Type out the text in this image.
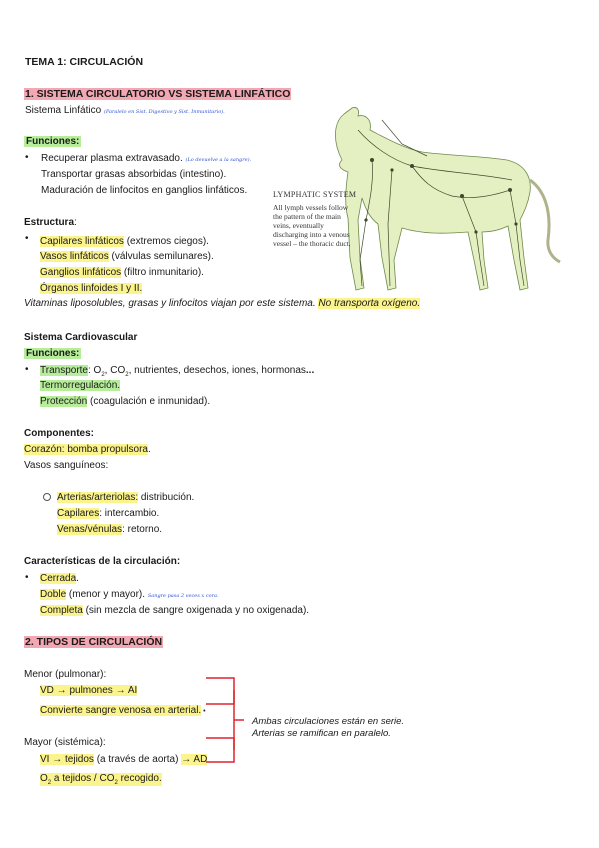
TEMA 1: CIRCULACIÓN
1. SISTEMA CIRCULATORIO VS SISTEMA LINFÁTICO
Sistema Linfático (Paralelo en Sist. Digestivo y Sist. Inmunitario).
Funciones:
• Recuperar plasma extravasado. (Lo devuelve a la sangre).
Transportar grasas absorbidas (intestino).
Maduración de linfocitos en ganglios linfáticos.
Estructura:
• Capilares linfáticos (extremos ciegos).
Vasos linfáticos (válvulas semilunares).
Ganglios linfáticos (filtro inmunitario).
Órganos linfoides I y II.
Vitaminas liposolubles, grasas y linfocitos viajan por este sistema. No transporta oxígeno.
LYMPHATIC SYSTEM
All lymph vessels follow the pattern of the main veins, eventually discharging into a venous vessel – the thoracic duct.
Sistema Cardiovascular
Funciones:
• Transporte: $O_2$, $CO_2$, nutrientes, desechos, iones, hormonas...
Termorregulación.
Protección (coagulación e inmunidad).
Componentes:
Corazón: bomba propulsora.
Vasos sanguíneos:
Arterias/arteriolas: distribución.
Capilares: intercambio.
Venas/vénulas: retorno.
Características de la circulación:
• Cerrada.
Doble (menor y mayor). Sangre pasa 2 veces x cora.
Completa (sin mezcla de sangre oxigenada y no oxigenada).
2. TIPOS DE CIRCULACIÓN
Menor (pulmonar):
VD → pulmones → AI
Convierte sangre venosa en arterial. •
Mayor (sistémica):
VI → tejidos (a través de aorta) → AD
$O_2$ a tejidos / $CO_2$ recogido.
Ambas circulaciones están en serie. Arterias se ramifican en paralelo.
